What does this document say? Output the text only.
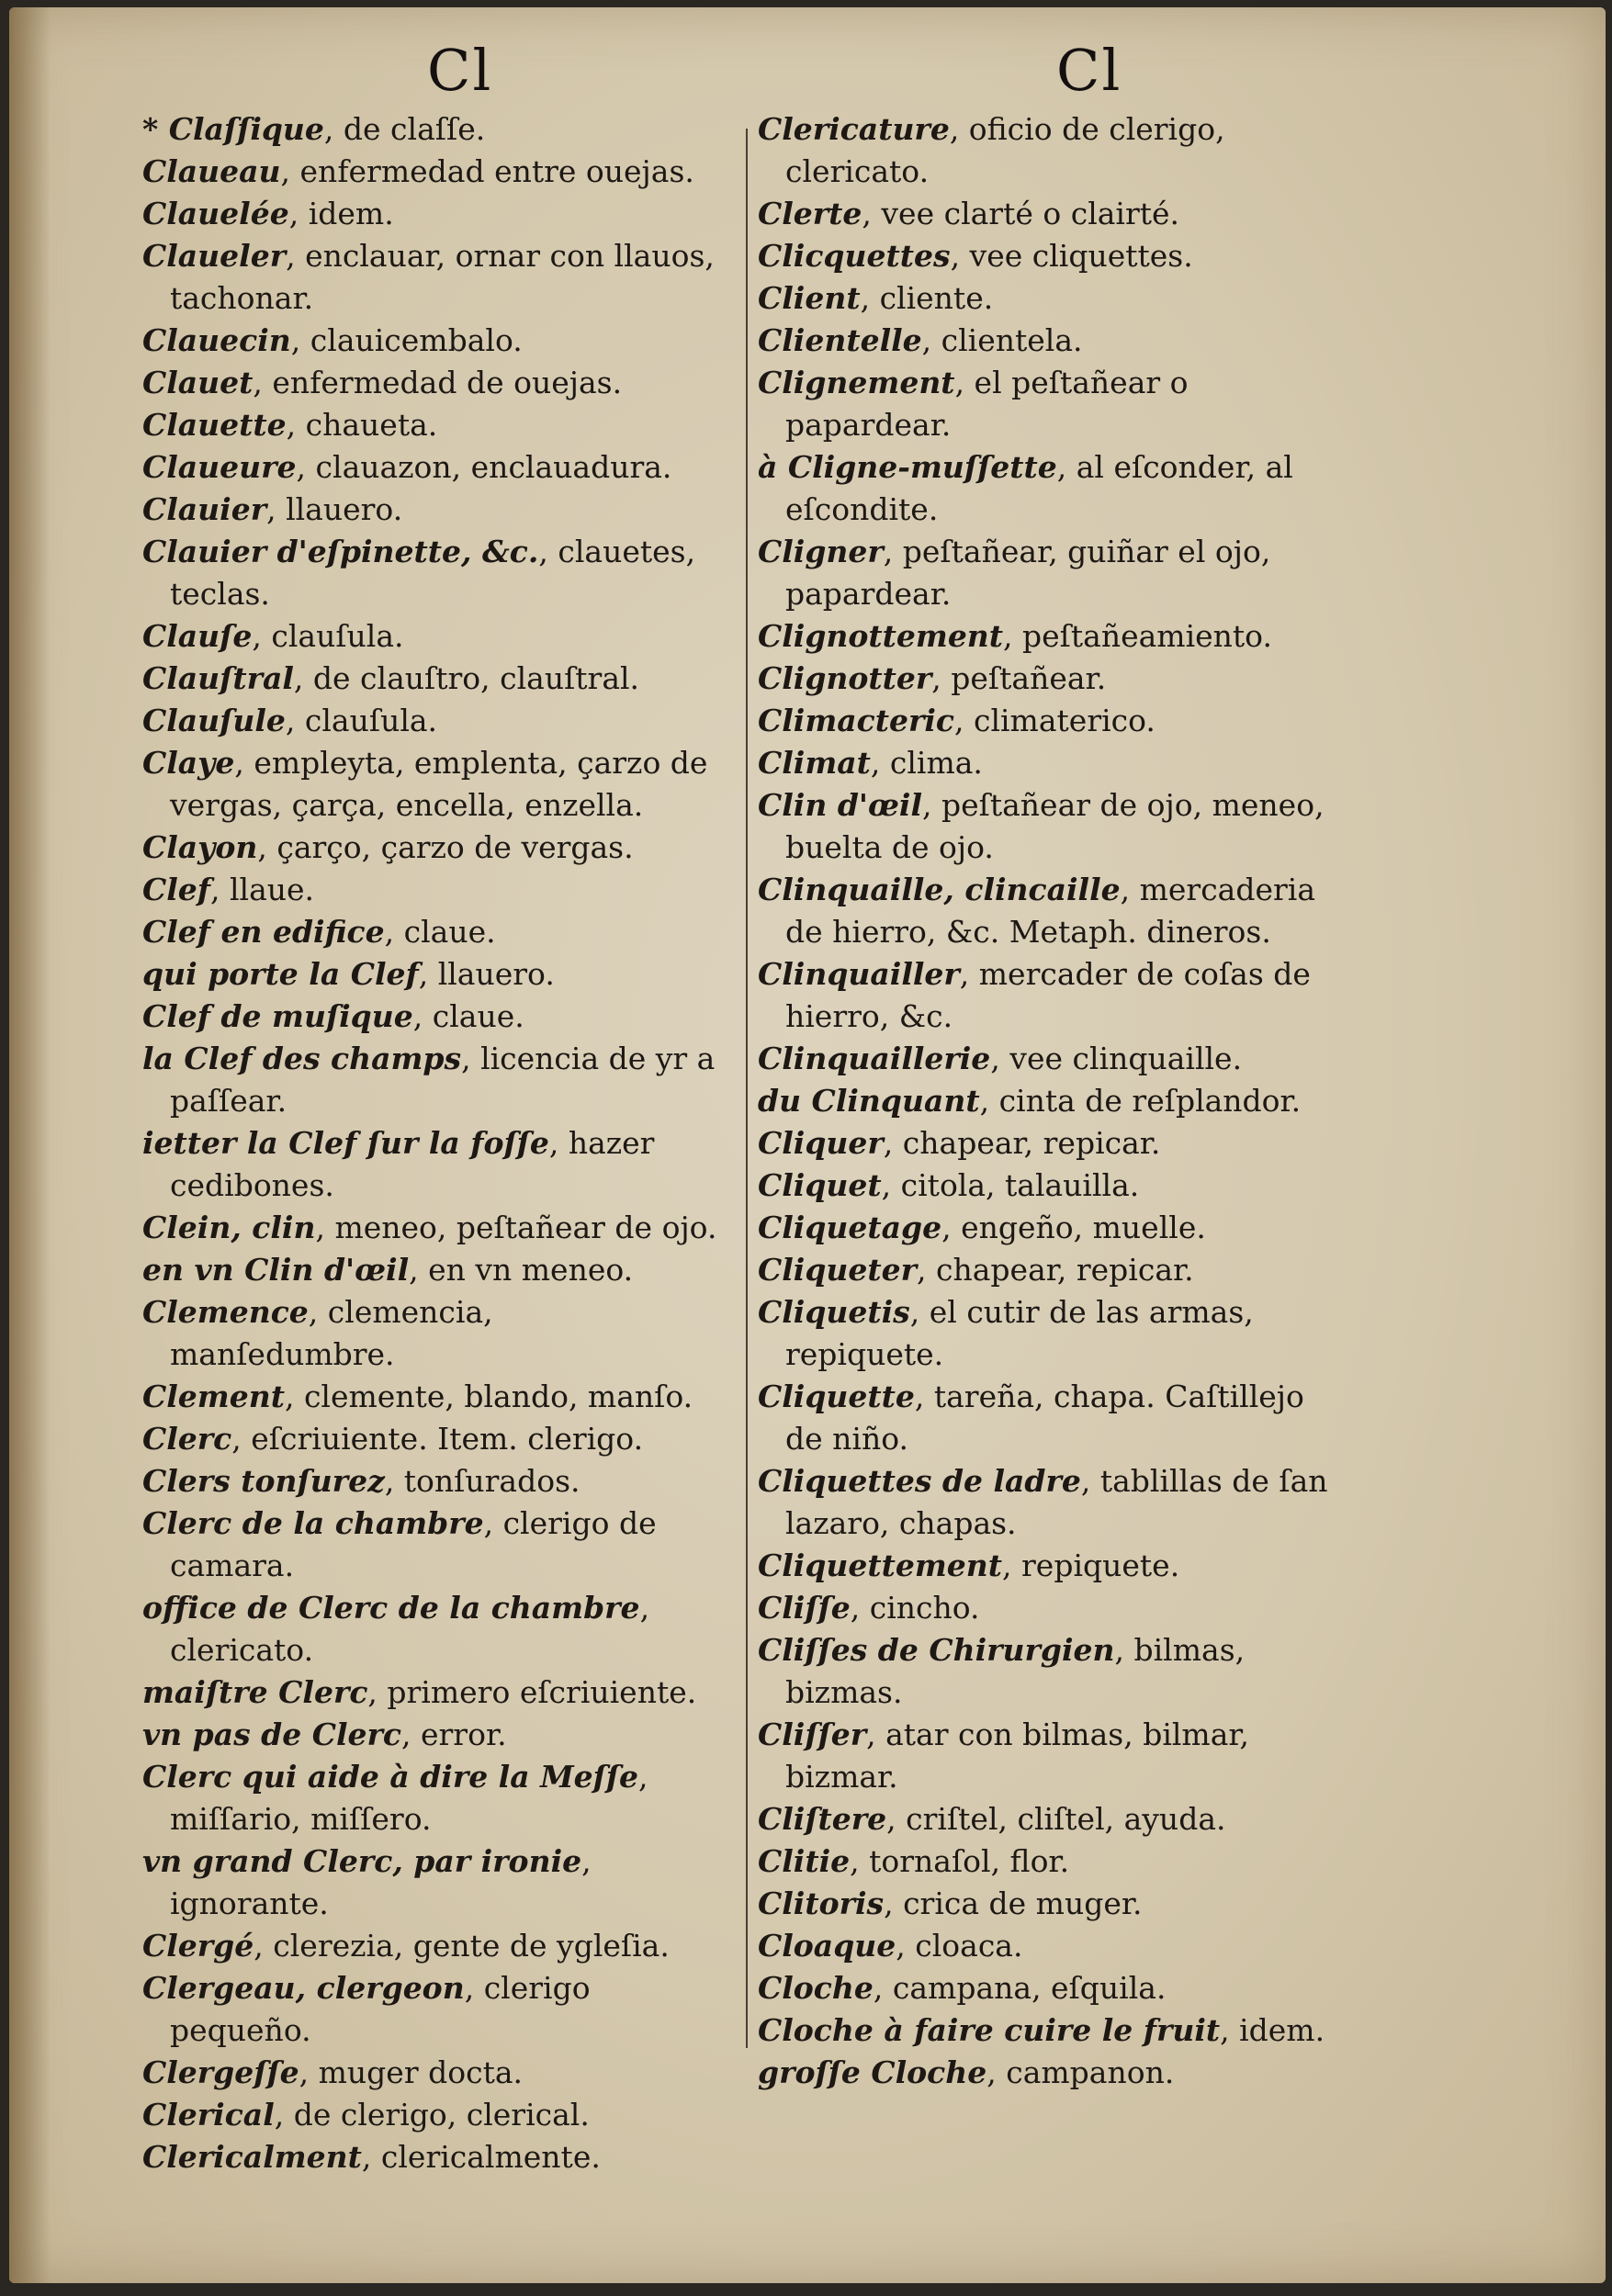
Cl	Cl

* Claſſique, de claſſe.

Claueau, enfermedad entre ouejas.

Clauelée, idem.

Claueler, enclauar, ornar con llauos, tachonar.

Clauecin, clauicembalo.

Clauet, enfermedad de ouejas.

Clauette, chaueta.

Claueure, clauazon, enclauadura.

Clauier, llauero.

Clauier d'eſpinette, &c., clauetes, teclas.

Clauſe, clauſula.

Clauſtral, de clauſtro, clauſtral.

Clauſule, clauſula.

Claye, empleyta, emplenta, çarzo de vergas, çarça, encella, enzella.

Clayon, çarço, çarzo de vergas.

Clef, llaue.

Clef en edifice, claue.

qui porte la Clef, llauero.

Clef de muſique, claue.

la Clef des champs, licencia de yr a paſſear.

ietter la Clef ſur la foſſe, hazer cedibones.

Clein, clin, meneo, peſtañear de ojo.

en vn Clin d'œil, en vn meneo.

Clemence, clemencia, manſedumbre.

Clement, clemente, blando, manſo.

Clerc, eſcriuiente. Item. clerigo.

Clers tonſurez, tonſurados.

Clerc de la chambre, clerigo de camara.

office de Clerc de la chambre, clericato.

maiſtre Clerc, primero eſcriuiente.

vn pas de Clerc, error.

Clerc qui aide à dire la Meſſe, miſſario, miſſero.

vn grand Clerc, par ironie, ignorante.

Clergé, clerezia, gente de ygleſia.

Clergeau, clergeon, clerigo pequeño.

Clergeſſe, muger docta.

Clerical, de clerigo, clerical.

Clericalment, clericalmente.

Clericature, oficio de clerigo, clericato.

Clerte, vee clarté o clairté.

Clicquettes, vee cliquettes.

Client, cliente.

Clientelle, clientela.

Clignement, el peſtañear o papardear.

à Cligne-muſſette, al eſconder, al eſcondite.

Cligner, peſtañear, guiñar el ojo, papardear.

Clignottement, peſtañeamiento.

Clignotter, peſtañear.

Climacteric, climaterico.

Climat, clima.

Clin d'œil, peſtañear de ojo, meneo, buelta de ojo.

Clinquaille, clincaille, mercaderia de hierro, &c. Metaph. dineros.

Clinquailler, mercader de coſas de hierro, &c.

Clinquaillerie, vee clinquaille.

du Clinquant, cinta de reſplandor.

Cliquer, chapear, repicar.

Cliquet, citola, talauilla.

Cliquetage, engeño, muelle.

Cliqueter, chapear, repicar.

Cliquetis, el cutir de las armas, repiquete.

Cliquette, tareña, chapa. Caſtillejo de niño.

Cliquettes de ladre, tablillas de ſan lazaro, chapas.

Cliquettement, repiquete.

Cliſſe, cincho.

Cliſſes de Chirurgien, bilmas, bizmas.

Cliſſer, atar con bilmas, bilmar, bizmar.

Cliſtere, criſtel, cliſtel, ayuda.

Clitie, tornaſol, flor.

Clitoris, crica de muger.

Cloaque, cloaca.

Cloche, campana, eſquila.

Cloche à faire cuire le fruit, idem.

groſſe Cloche, campanon.
